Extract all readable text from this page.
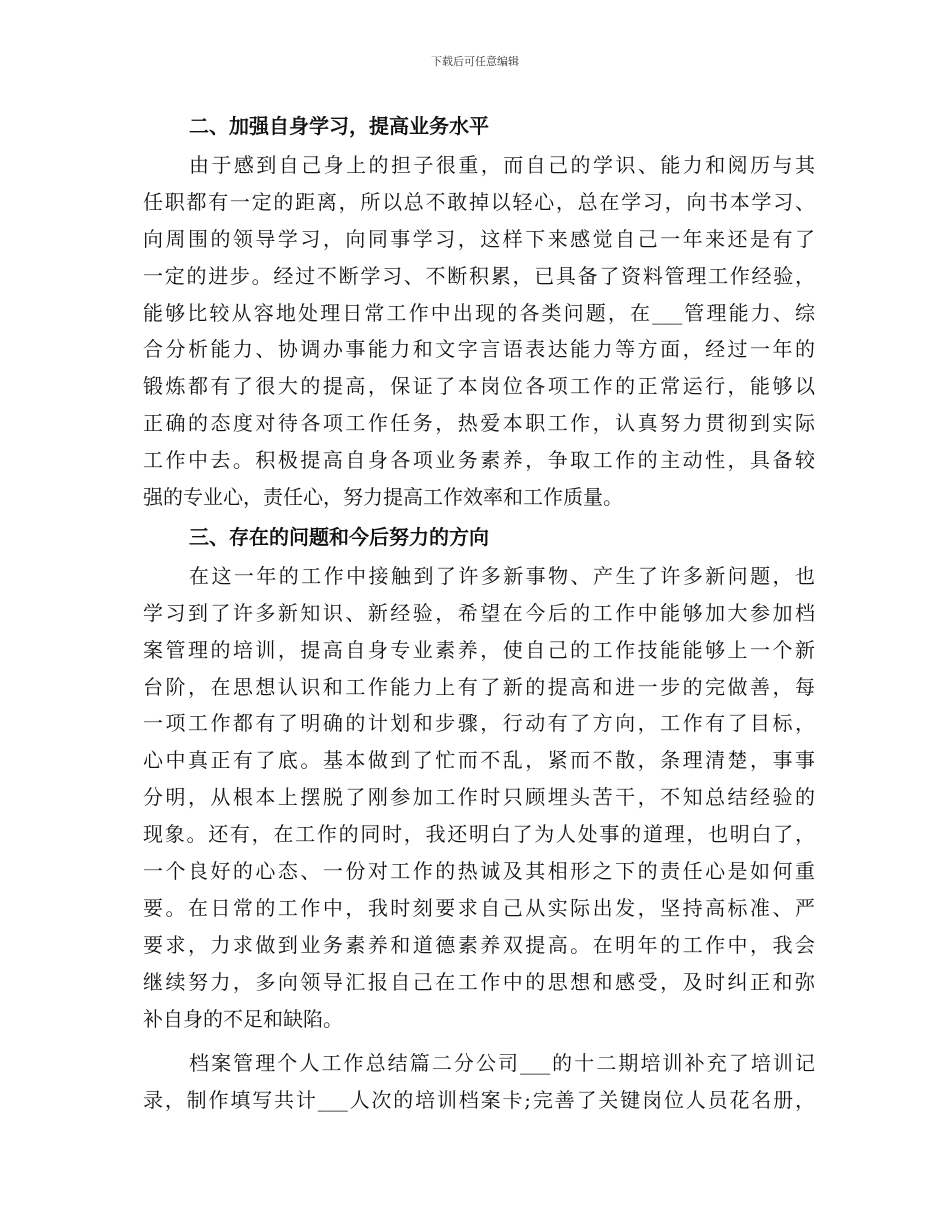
下载后可任意编辑
二、加强自身学习，提高业务水平
由于感到自己身上的担子很重，而自己的学识、能力和阅历与其
任职都有一定的距离，所以总不敢掉以轻心，总在学习，向书本学习、
向周围的领导学习，向同事学习，这样下来感觉自己一年来还是有了
一定的进步。经过不断学习、不断积累，已具备了资料管理工作经验，
能够比较从容地处理日常工作中出现的各类问题，在___管理能力、综
合分析能力、协调办事能力和文字言语表达能力等方面，经过一年的
锻炼都有了很大的提高，保证了本岗位各项工作的正常运行，能够以
正确的态度对待各项工作任务，热爱本职工作，认真努力贯彻到实际
工作中去。积极提高自身各项业务素养，争取工作的主动性，具备较
强的专业心，责任心，努力提高工作效率和工作质量。
三、存在的问题和今后努力的方向
在这一年的工作中接触到了许多新事物、产生了许多新问题，也
学习到了许多新知识、新经验，希望在今后的工作中能够加大参加档
案管理的培训，提高自身专业素养，使自己的工作技能能够上一个新
台阶，在思想认识和工作能力上有了新的提高和进一步的完做善，每
一项工作都有了明确的计划和步骤，行动有了方向，工作有了目标，
心中真正有了底。基本做到了忙而不乱，紧而不散，条理清楚，事事
分明，从根本上摆脱了刚参加工作时只顾埋头苦干，不知总结经验的
现象。还有，在工作的同时，我还明白了为人处事的道理，也明白了，
一个良好的心态、一份对工作的热诚及其相形之下的责任心是如何重
要。在日常的工作中，我时刻要求自己从实际出发，坚持高标准、严
要求，力求做到业务素养和道德素养双提高。在明年的工作中，我会
继续努力，多向领导汇报自己在工作中的思想和感受，及时纠正和弥
补自身的不足和缺陷。
档案管理个人工作总结篇二分公司___的十二期培训补充了培训记
录，制作填写共计___人次的培训档案卡;完善了关键岗位人员花名册，
